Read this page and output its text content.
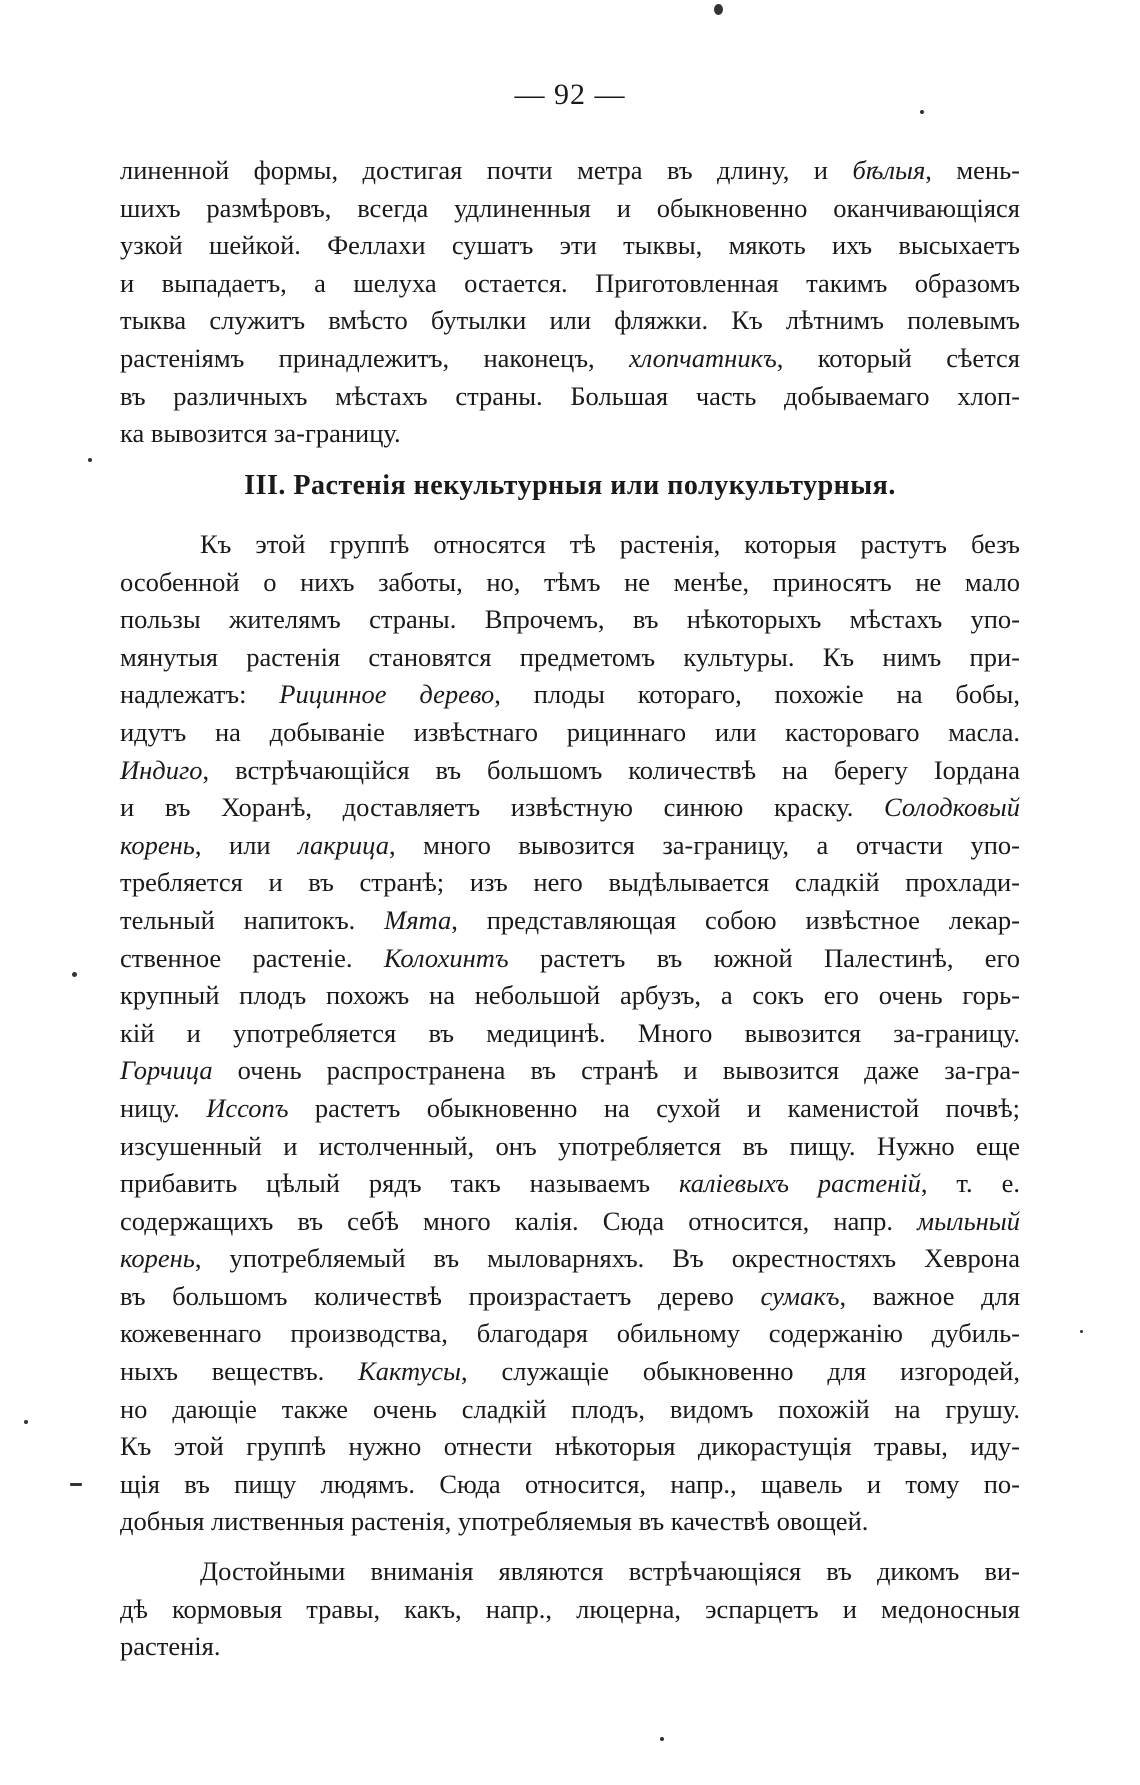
— 92 —
линенной формы, достигая почти метра въ длину, и бѣлыя, мень-
шихъ размѣровъ, всегда удлиненныя и обыкновенно оканчивающіяся
узкой шейкой. Феллахи сушатъ эти тыквы, мякоть ихъ высыхаетъ
и выпадаетъ, а шелуха остается. Приготовленная такимъ образомъ
тыква служитъ вмѣсто бутылки или фляжки. Къ лѣтнимъ полевымъ
растеніямъ принадлежитъ, наконецъ, хлопчатникъ, который сѣется
въ различныхъ мѣстахъ страны. Большая часть добываемаго хлоп-
ка вывозится за-границу.
III. Растенія некультурныя или полукультурныя.
Къ этой группѣ относятся тѣ растенія, которыя растутъ безъ
особенной о нихъ заботы, но, тѣмъ не менѣе, приносятъ не мало
пользы жителямъ страны. Впрочемъ, въ нѣкоторыхъ мѣстахъ упо-
мянутыя растенія становятся предметомъ культуры. Къ нимъ при-
надлежатъ: Рицинное дерево, плоды котораго, похожіе на бобы,
идутъ на добываніе извѣстнаго рициннаго или кастороваго масла.
Индиго, встрѣчающійся въ большомъ количествѣ на берегу Іордана
и въ Хоранѣ, доставляетъ извѣстную синюю краску. Солодковый
корень, или лакрица, много вывозится за-границу, а отчасти упо-
требляется и въ странѣ; изъ него выдѣлывается сладкій прохлади-
тельный напитокъ. Мята, представляющая собою извѣстное лекар-
ственное растеніе. Колохинтъ растетъ въ южной Палестинѣ, его
крупный плодъ похожъ на небольшой арбузъ, а сокъ его очень горь-
кій и употребляется въ медицинѣ. Много вывозится за-границу.
Горчица очень распространена въ странѣ и вывозится даже за-гра-
ницу. Иссопъ растетъ обыкновенно на сухой и каменистой почвѣ;
изсушенный и истолченный, онъ употребляется въ пищу. Нужно еще
прибавить цѣлый рядъ такъ называемъ каліевыхъ растеній, т. е.
содержащихъ въ себѣ много калія. Сюда относится, напр. мыльный
корень, употребляемый въ мыловарняхъ. Въ окрестностяхъ Хеврона
въ большомъ количествѣ произрастаетъ дерево сумакъ, важное для
кожевеннаго производства, благодаря обильному содержанію дубиль-
ныхъ веществъ. Кактусы, служащіе обыкновенно для изгородей,
но дающіе также очень сладкій плодъ, видомъ похожій на грушу.
Къ этой группѣ нужно отнести нѣкоторыя дикорастущія травы, иду-
щія въ пищу людямъ. Сюда относится, напр., щавель и тому по-
добныя лиственныя растенія, употребляемыя въ качествѣ овощей.
Достойными вниманія являются встрѣчающіяся въ дикомъ ви-
дѣ кормовыя травы, какъ, напр., люцерна, эспарцетъ и медоносныя
растенія.
